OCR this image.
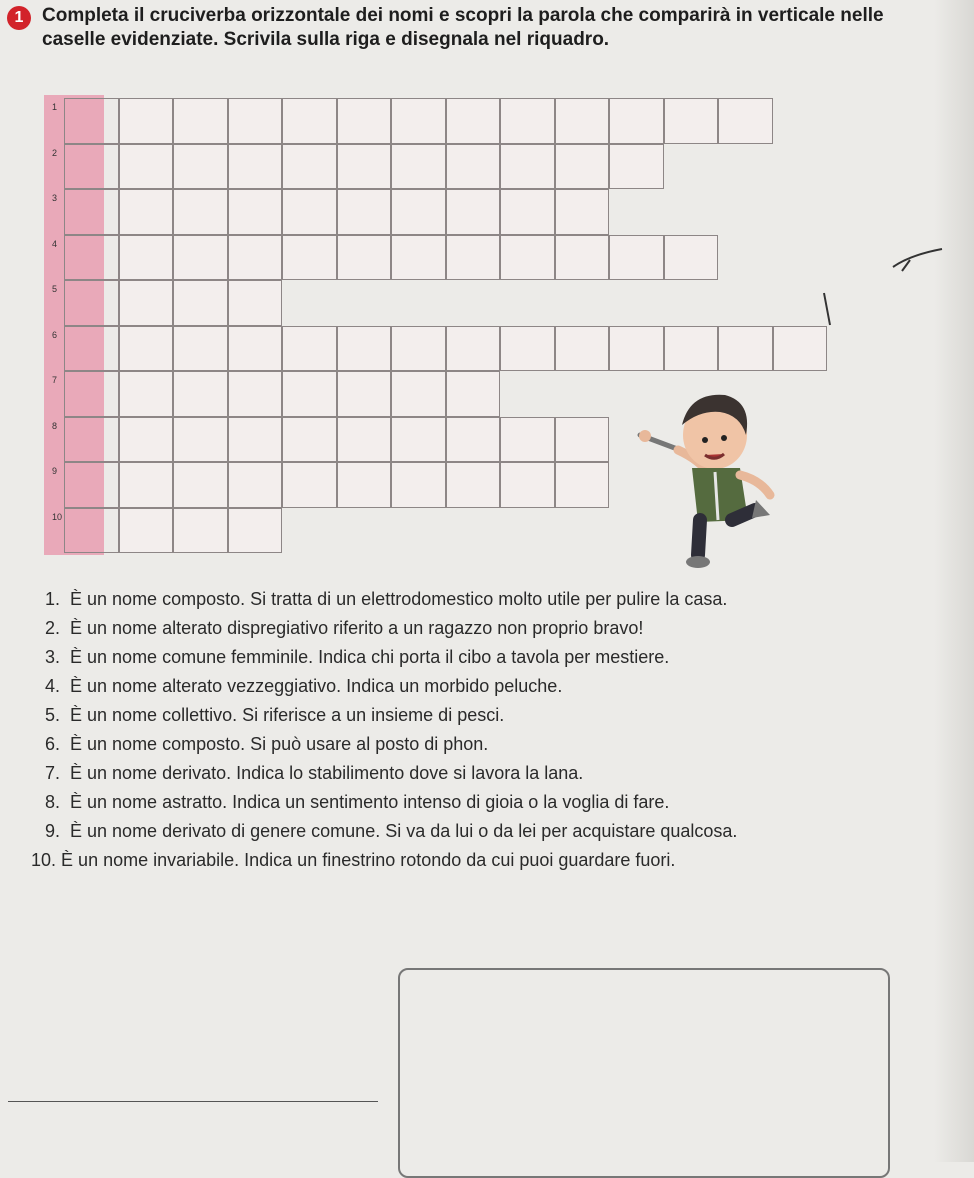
1 Completa il cruciverba orizzontale dei nomi e scopri la parola che comparirà in verticale nelle caselle evidenziate. Scrivila sulla riga e disegnala nel riquadro.
1
2
3
4
5
6
7
8
9
10
1.
È un nome composto. Si tratta di un elettrodomestico molto utile per pulire la casa.
2.
È un nome alterato dispregiativo riferito a un ragazzo non proprio bravo!
3.
È un nome comune femminile. Indica chi porta il cibo a tavola per mestiere.
4.
È un nome alterato vezzeggiativo. Indica un morbido peluche.
5.
È un nome collettivo. Si riferisce a un insieme di pesci.
6.
È un nome composto. Si può usare al posto di phon.
7.
È un nome derivato. Indica lo stabilimento dove si lavora la lana.
8.
È un nome astratto. Indica un sentimento intenso di gioia o la voglia di fare.
9.
È un nome derivato di genere comune. Si va da lui o da lei per acquistare qualcosa.
10.
È un nome invariabile. Indica un finestrino rotondo da cui puoi guardare fuori.
